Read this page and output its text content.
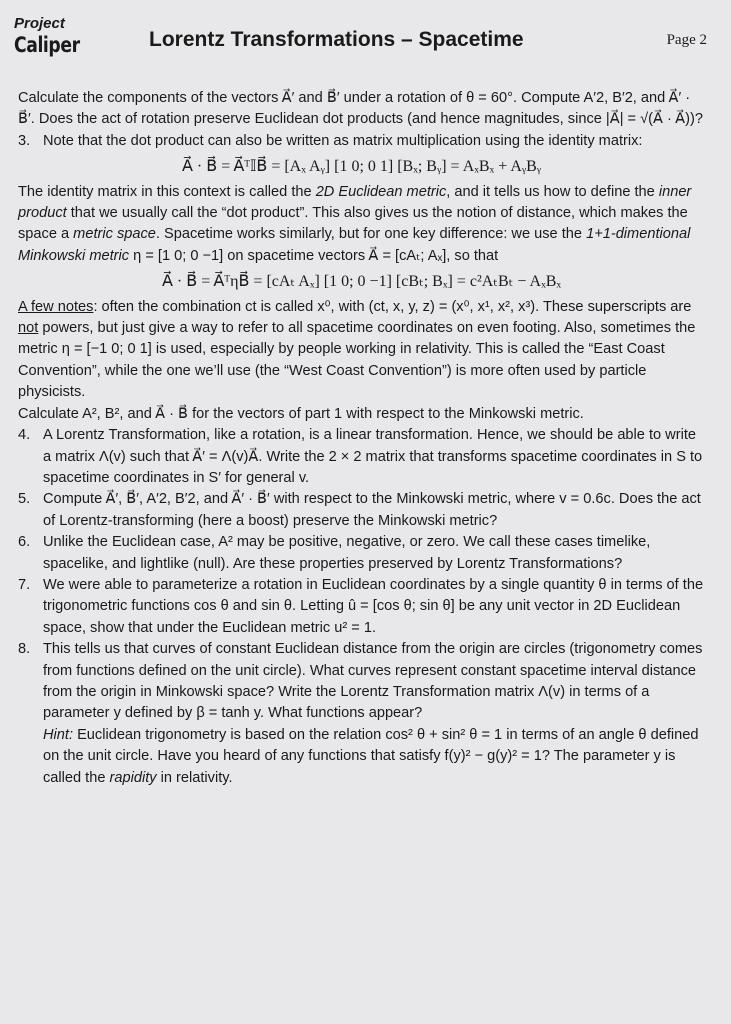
Project
Caliper	Lorentz Transformations – Spacetime	Page 2

Calculate the components of the vectors A⃗′ and B⃗′ under a rotation of θ = 60°. Compute A′2, B′2, and A⃗′ · B⃗′. Does the act of rotation preserve Euclidean dot products (and hence magnitudes, since |A⃗| = √(A⃗ · A⃗))?

3. Note that the dot product can also be written as matrix multiplication using the identity matrix:
A⃗ · B⃗ = A⃗ᵀ𝕀B⃗ = [Aₓ Aᵧ] [1 0; 0 1] [Bₓ; Bᵧ] = AₓBₓ + AᵧBᵧ

The identity matrix in this context is called the 2D Euclidean metric, and it tells us how to define the inner product that we usually call the “dot product”. This also gives us the notion of distance, which makes the space a metric space. Spacetime works similarly, but for one key difference: we use the 1+1-dimentional Minkowski metric η = [1 0; 0 −1] on spacetime vectors A⃗ = [cAₜ; Aₓ], so that

A⃗ · B⃗ = A⃗ᵀηB⃗ = [cAₜ Aₓ] [1 0; 0 −1] [cBₜ; Bₓ] = c²AₜBₜ − AₓBₓ

A few notes: often the combination ct is called x⁰, with (ct, x, y, z) = (x⁰, x¹, x², x³). These superscripts are not powers, but just give a way to refer to all spacetime coordinates on even footing. Also, sometimes the metric η = [−1 0; 0 1] is used, especially by people working in relativity. This is called the “East Coast Convention”, while the one we’ll use (the “West Coast Convention”) is more often used by particle physicists.

Calculate A², B², and A⃗ · B⃗ for the vectors of part 1 with respect to the Minkowski metric.

4. A Lorentz Transformation, like a rotation, is a linear transformation. Hence, we should be able to write a matrix Λ(v) such that A⃗′ = Λ(v)A⃗. Write the 2 × 2 matrix that transforms spacetime coordinates in S to spacetime coordinates in S′ for general v.
5. Compute A⃗′, B⃗′, A′2, B′2, and A⃗′ · B⃗′ with respect to the Minkowski metric, where v = 0.6c. Does the act of Lorentz-transforming (here a boost) preserve the Minkowski metric?
6. Unlike the Euclidean case, A² may be positive, negative, or zero. We call these cases timelike, spacelike, and lightlike (null). Are these properties preserved by Lorentz Transformations?
7. We were able to parameterize a rotation in Euclidean coordinates by a single quantity θ in terms of the trigonometric functions cos θ and sin θ. Letting û = [cos θ; sin θ] be any unit vector in 2D Euclidean space, show that under the Euclidean metric u² = 1.
8. This tells us that curves of constant Euclidean distance from the origin are circles (trigonometry comes from functions defined on the unit circle). What curves represent constant spacetime interval distance from the origin in Minkowski space? Write the Lorentz Transformation matrix Λ(v) in terms of a parameter y defined by β = tanh y. What functions appear?
Hint: Euclidean trigonometry is based on the relation cos² θ + sin² θ = 1 in terms of an angle θ defined on the unit circle. Have you heard of any functions that satisfy f(y)² − g(y)² = 1? The parameter y is called the rapidity in relativity.
